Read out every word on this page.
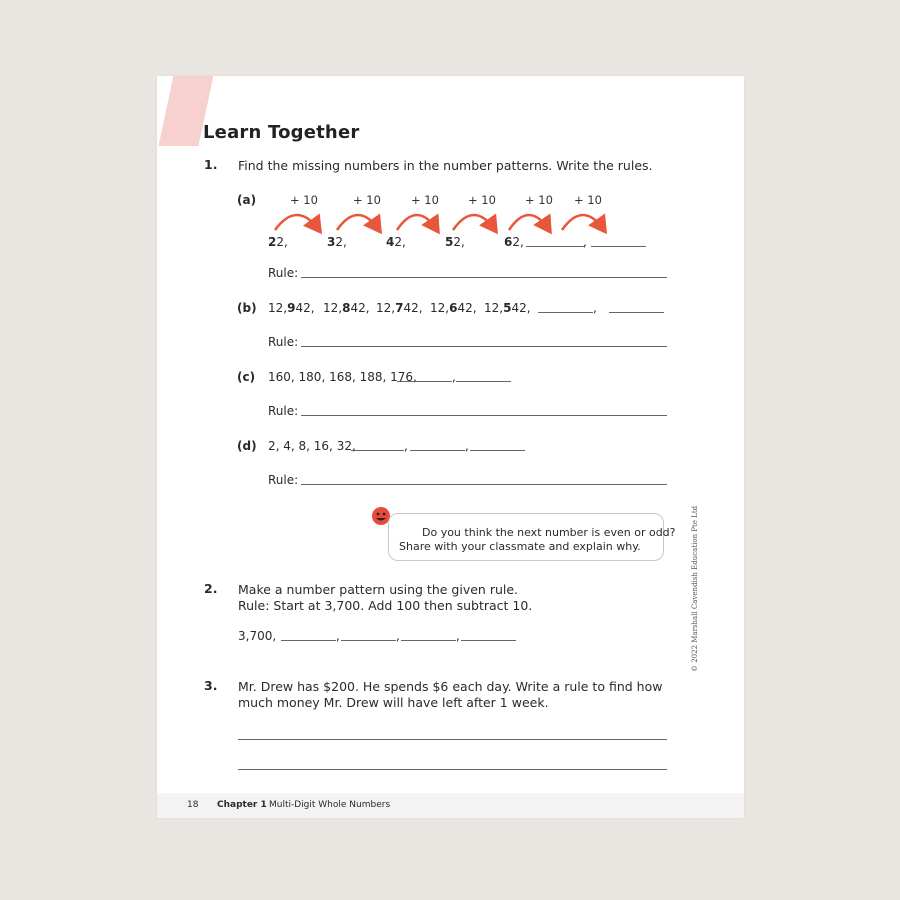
Learn Together
1. Find the missing numbers in the number patterns. Write the rules.
(a)	+ 10	+ 10	+ 10	+ 10	+ 10 + 10
22,	32,	42,	52,	62,	,
Rule:
(b) 12,942, 12,842, 12,742, 12,642, 12,542,	,
Rule:
(c) 160, 180, 168, 188, 176,	,
Rule:
(d) 2, 4, 8, 16, 32,	,	,
Rule:
Do you think the next number is even or odd?
Share with your classmate and explain why.	© 2022 Marshall Cavendish Education Pte Ltd
2. Make a number pattern using the given rule.
Rule: Start at 3,700. Add 100 then subtract 10.
3,700,	,	,	,
3. Mr. Drew has $200. He spends $6 each day. Write a rule to find how
much money Mr. Drew will have left after 1 week.
18 Chapter 1 Multi-Digit Whole Numbers
